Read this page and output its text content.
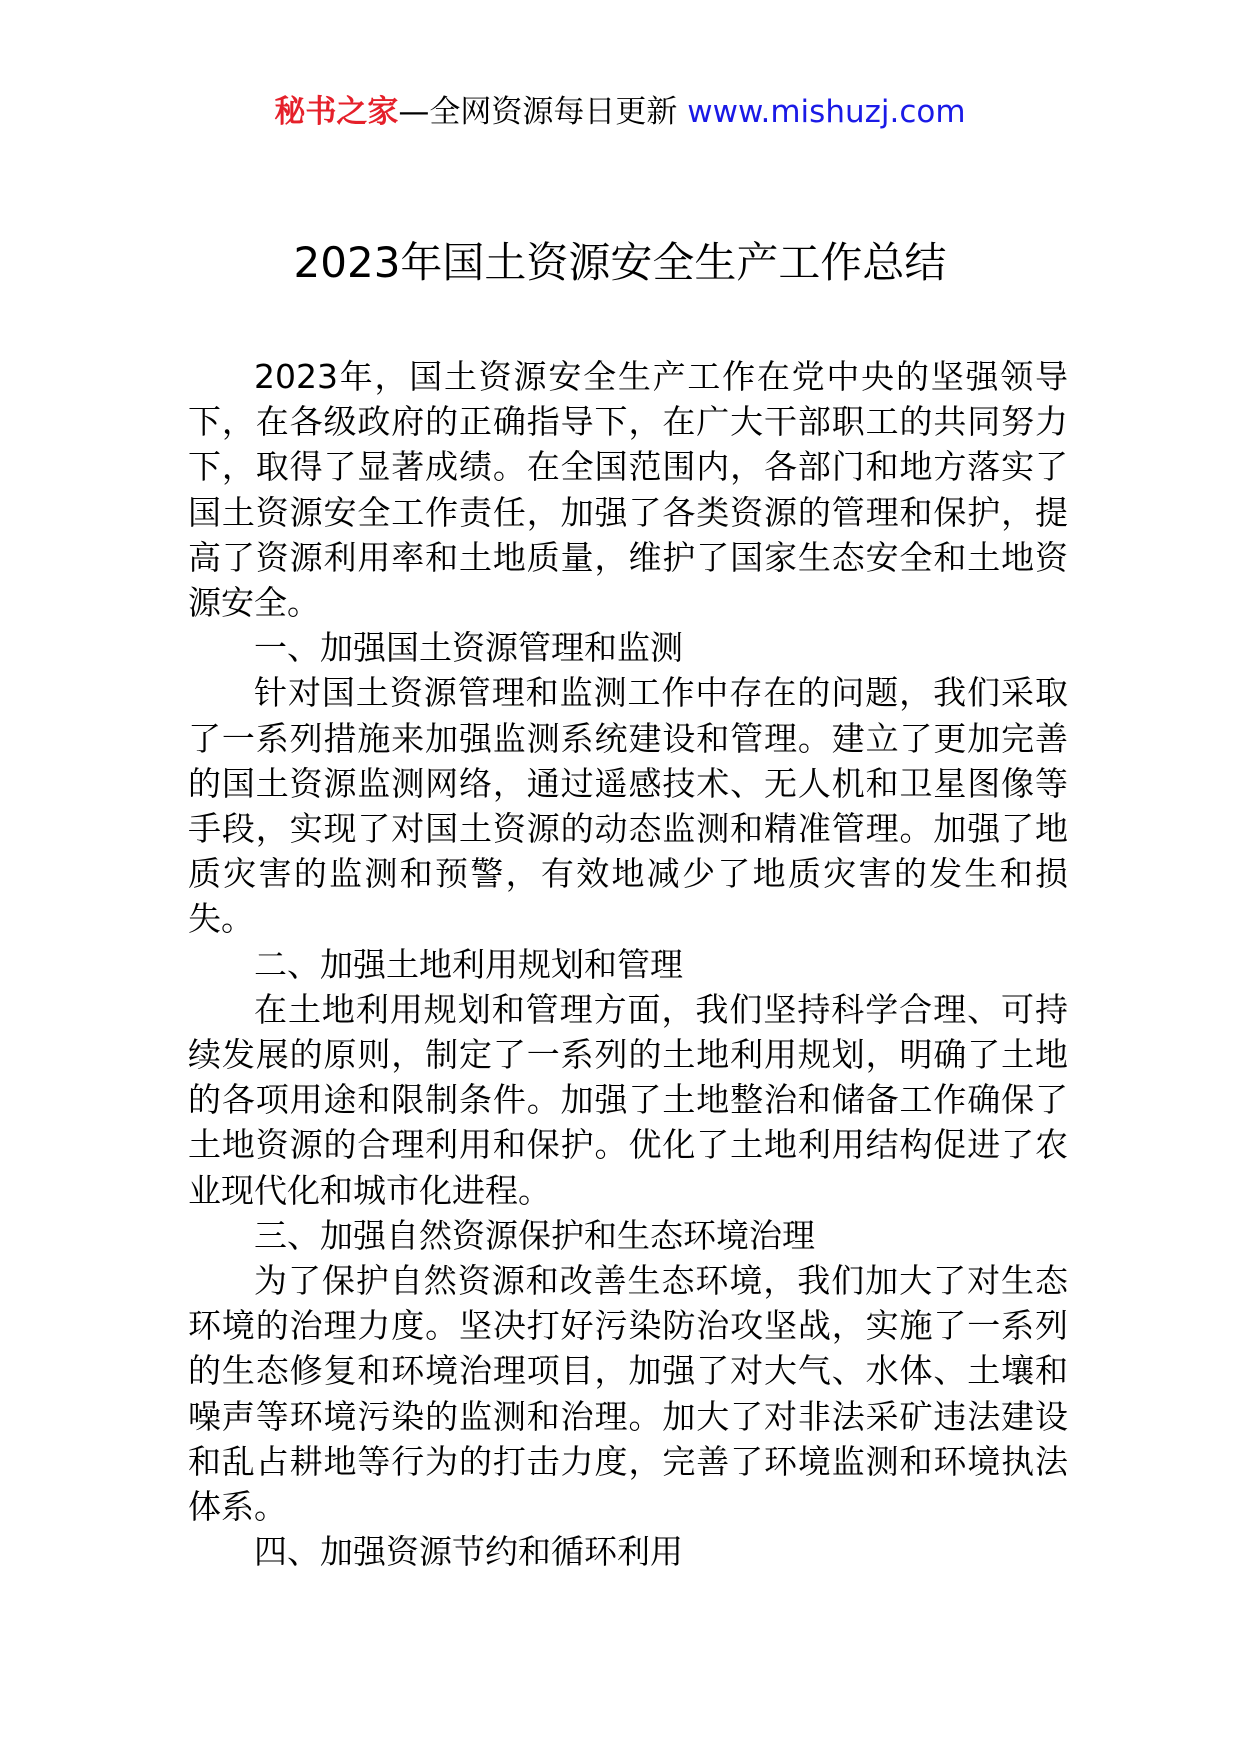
秘书之家—全网资源每日更新 www.mishuzj.com
2023年国土资源安全生产工作总结

2023年，国土资源安全生产工作在党中央的坚强领导下，在各级政府的正确指导下，在广大干部职工的共同努力下，取得了显著成绩。在全国范围内，各部门和地方落实了国土资源安全工作责任，加强了各类资源的管理和保护，提高了资源利用率和土地质量，维护了国家生态安全和土地资源安全。

一、加强国土资源管理和监测

针对国土资源管理和监测工作中存在的问题，我们采取了一系列措施来加强监测系统建设和管理。建立了更加完善的国土资源监测网络，通过遥感技术、无人机和卫星图像等手段，实现了对国土资源的动态监测和精准管理。加强了地质灾害的监测和预警，有效地减少了地质灾害的发生和损失。

二、加强土地利用规划和管理

在土地利用规划和管理方面，我们坚持科学合理、可持续发展的原则，制定了一系列的土地利用规划，明确了土地的各项用途和限制条件。加强了土地整治和储备工作确保了土地资源的合理利用和保护。优化了土地利用结构促进了农业现代化和城市化进程。

三、加强自然资源保护和生态环境治理

为了保护自然资源和改善生态环境，我们加大了对生态环境的治理力度。坚决打好污染防治攻坚战，实施了一系列的生态修复和环境治理项目，加强了对大气、水体、土壤和噪声等环境污染的监测和治理。加大了对非法采矿违法建设和乱占耕地等行为的打击力度，完善了环境监测和环境执法体系。

四、加强资源节约和循环利用
